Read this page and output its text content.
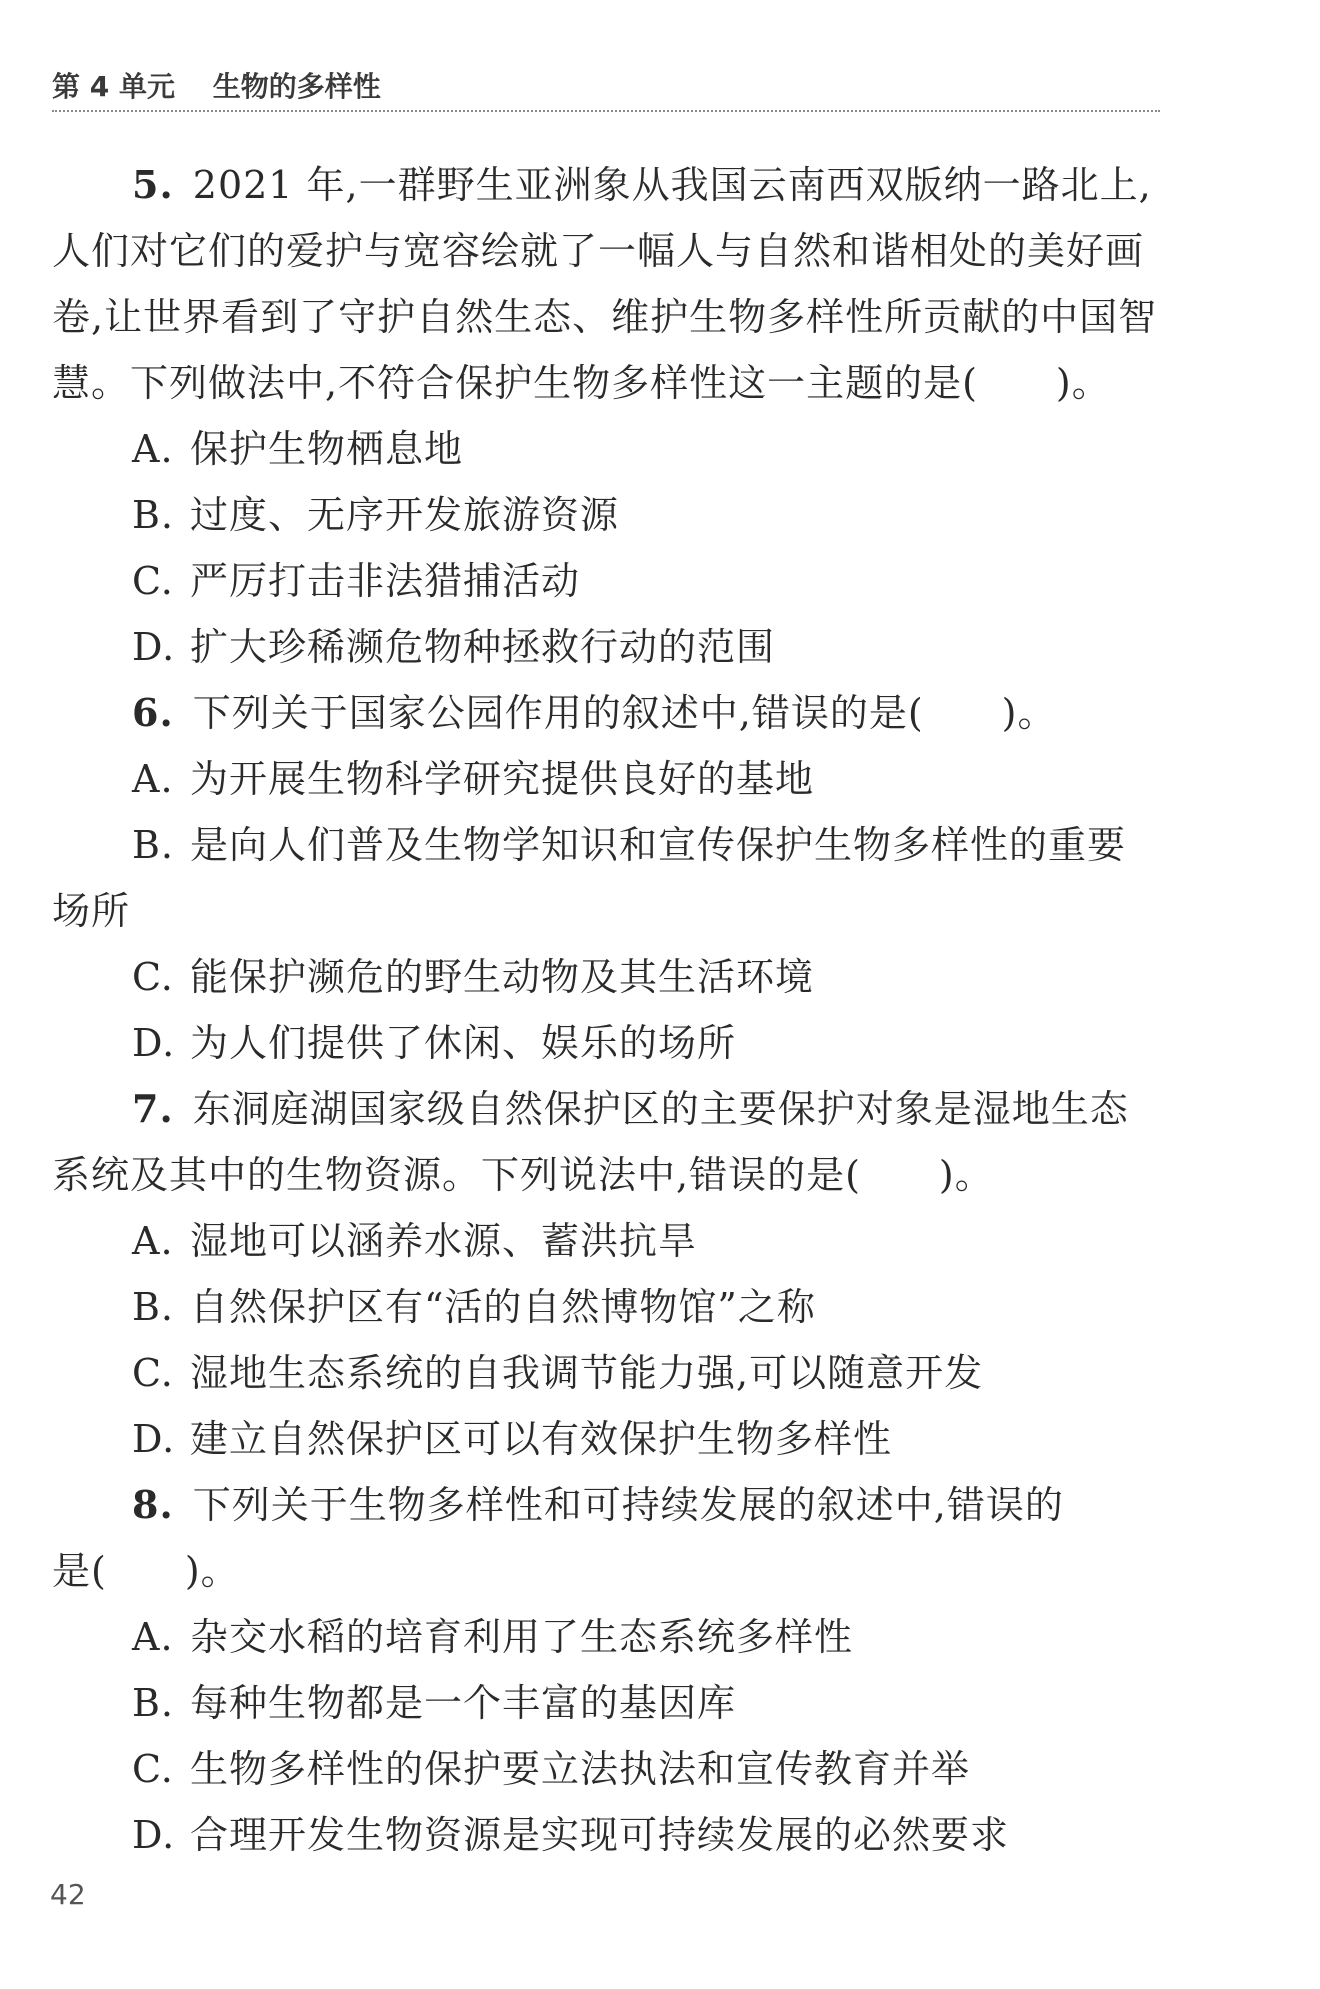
第 4 单元 生物的多样性
5. 2021 年,一群野生亚洲象从我国云南西双版纳一路北上,
人们对它们的爱护与宽容绘就了一幅人与自然和谐相处的美好画
卷,让世界看到了守护自然生态、维护生物多样性所贡献的中国智
慧。下列做法中,不符合保护生物多样性这一主题的是(　　)。
A. 保护生物栖息地
B. 过度、无序开发旅游资源
C. 严厉打击非法猎捕活动
D. 扩大珍稀濒危物种拯救行动的范围
6. 下列关于国家公园作用的叙述中,错误的是(　　)。
A. 为开展生物科学研究提供良好的基地
B. 是向人们普及生物学知识和宣传保护生物多样性的重要
场所
C. 能保护濒危的野生动物及其生活环境
D. 为人们提供了休闲、娱乐的场所
7. 东洞庭湖国家级自然保护区的主要保护对象是湿地生态
系统及其中的生物资源。下列说法中,错误的是(　　)。
A. 湿地可以涵养水源、蓄洪抗旱
B. 自然保护区有“活的自然博物馆”之称
C. 湿地生态系统的自我调节能力强,可以随意开发
D. 建立自然保护区可以有效保护生物多样性
8. 下列关于生物多样性和可持续发展的叙述中,错误的
是(　　)。
A. 杂交水稻的培育利用了生态系统多样性
B. 每种生物都是一个丰富的基因库
C. 生物多样性的保护要立法执法和宣传教育并举
D. 合理开发生物资源是实现可持续发展的必然要求
42
